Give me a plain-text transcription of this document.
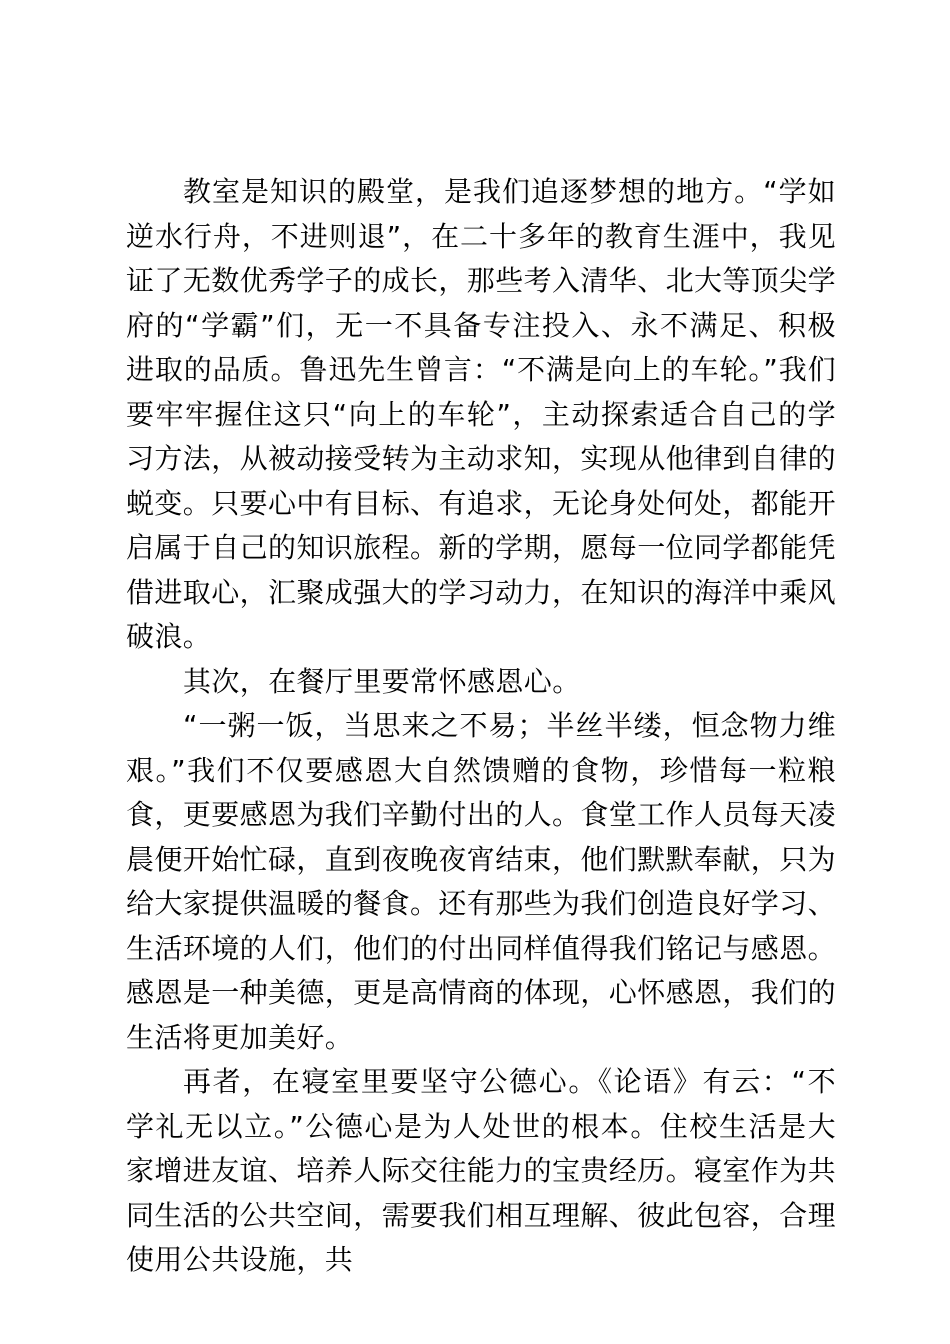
教室是知识的殿堂，是我们追逐梦想的地方。“学如逆水行舟，不进则退”，在二十多年的教育生涯中，我见证了无数优秀学子的成长，那些考入清华、北大等顶尖学府的“学霸”们，无一不具备专注投入、永不满足、积极进取的品质。鲁迅先生曾言：“不满是向上的车轮。”我们要牢牢握住这只“向上的车轮”，主动探索适合自己的学习方法，从被动接受转为主动求知，实现从他律到自律的蜕变。只要心中有目标、有追求，无论身处何处，都能开启属于自己的知识旅程。新的学期，愿每一位同学都能凭借进取心，汇聚成强大的学习动力，在知识的海洋中乘风破浪。

其次，在餐厅里要常怀感恩心。

“一粥一饭，当思来之不易；半丝半缕，恒念物力维艰。”我们不仅要感恩大自然馈赠的食物，珍惜每一粒粮食，更要感恩为我们辛勤付出的人。食堂工作人员每天凌晨便开始忙碌，直到夜晚夜宵结束，他们默默奉献，只为给大家提供温暖的餐食。还有那些为我们创造良好学习、生活环境的人们，他们的付出同样值得我们铭记与感恩。感恩是一种美德，更是高情商的体现，心怀感恩，我们的生活将更加美好。

再者，在寝室里要坚守公德心。《论语》有云：“不学礼无以立。”公德心是为人处世的根本。住校生活是大家增进友谊、培养人际交往能力的宝贵经历。寝室作为共同生活的公共空间，需要我们相互理解、彼此包容，合理使用公共设施，共
